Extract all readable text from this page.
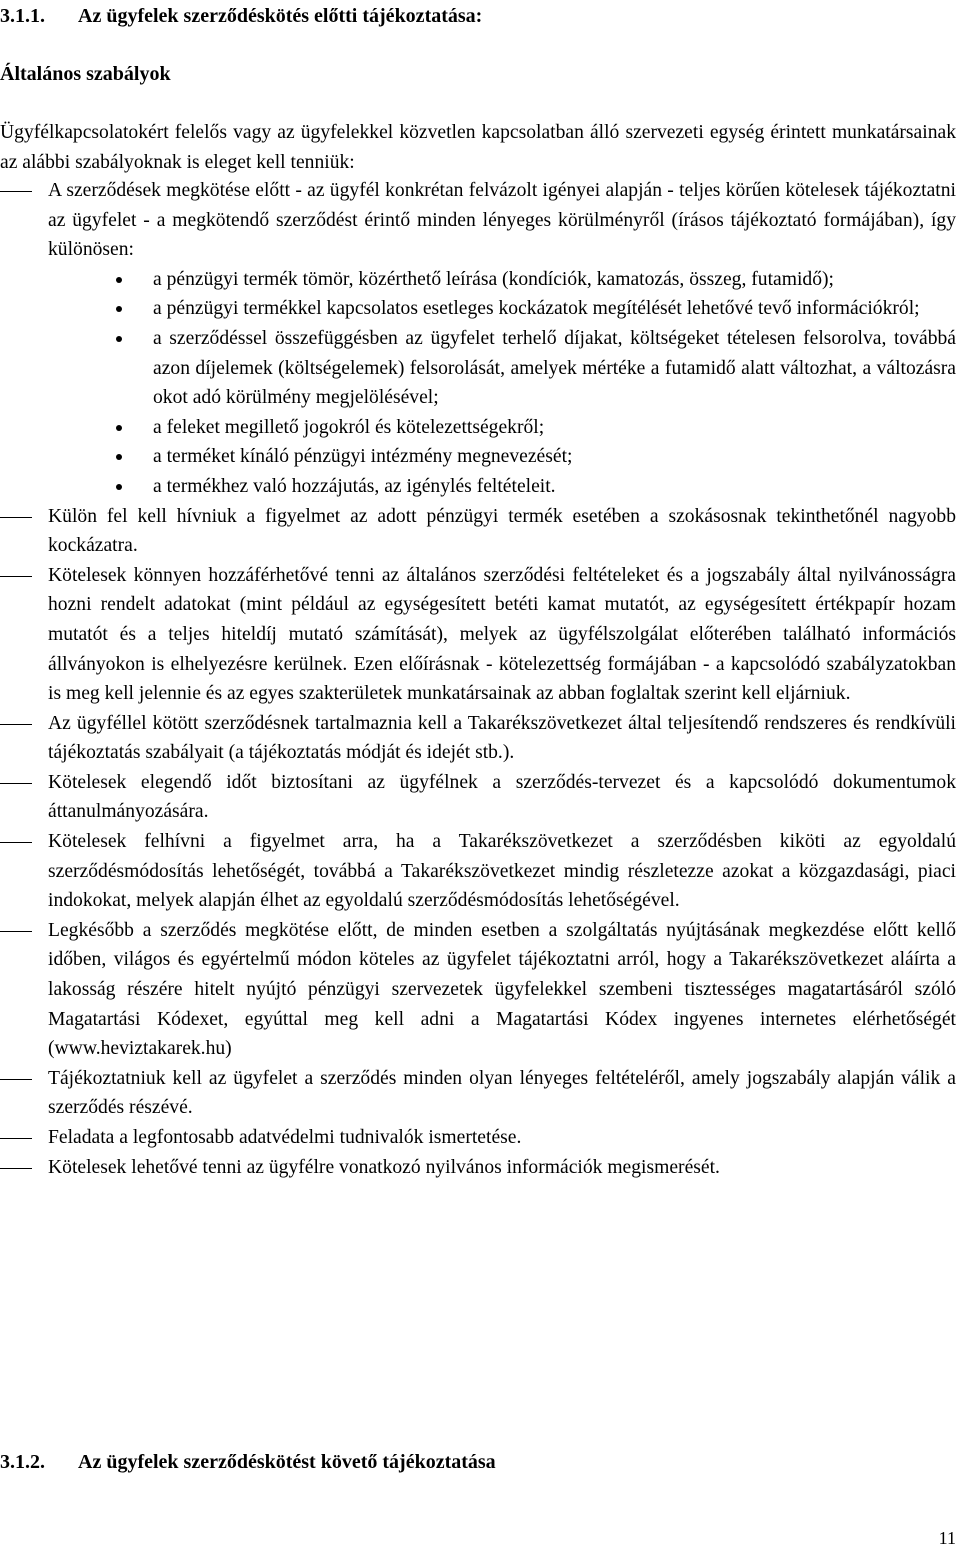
3.1.1. Az ügyfelek szerződéskötés előtti tájékoztatása:
Általános szabályok
Ügyfélkapcsolatokért felelős vagy az ügyfelekkel közvetlen kapcsolatban álló szervezeti egység érintett munkatársainak az alábbi szabályoknak is eleget kell tenniük:
A szerződések megkötése előtt - az ügyfél konkrétan felvázolt igényei alapján - teljes körűen kötelesek tájékoztatni az ügyfelet - a megkötendő szerződést érintő minden lényeges körülményről (írásos tájékoztató formájában), így különösen:
a pénzügyi termék tömör, közérthető leírása (kondíciók, kamatozás, összeg, futamidő);
a pénzügyi termékkel kapcsolatos esetleges kockázatok megítélését lehetővé tevő információkról;
a szerződéssel összefüggésben az ügyfelet terhelő díjakat, költségeket tételesen felsorolva, továbbá azon díjelemek (költségelemek) felsorolását, amelyek mértéke a futamidő alatt változhat, a változásra okot adó körülmény megjelölésével;
a feleket megillető jogokról és kötelezettségekről;
a terméket kínáló pénzügyi intézmény megnevezését;
a termékhez való hozzájutás, az igénylés feltételeit.
Külön fel kell hívniuk a figyelmet az adott pénzügyi termék esetében a szokásosnak tekinthetőnél nagyobb kockázatra.
Kötelesek könnyen hozzáférhetővé tenni az általános szerződési feltételeket és a jogszabály által nyilvánosságra hozni rendelt adatokat (mint például az egységesített betéti kamat mutatót, az egységesített értékpapír hozam mutatót és a teljes hiteldíj mutató számítását), melyek az ügyfélszolgálat előterében található információs állványokon is elhelyezésre kerülnek. Ezen előírásnak - kötelezettség formájában - a kapcsolódó szabályzatokban is meg kell jelennie és az egyes szakterületek munkatársainak az abban foglaltak szerint kell eljárniuk.
Az ügyféllel kötött szerződésnek tartalmaznia kell a Takarékszövetkezet által teljesítendő rendszeres és rendkívüli tájékoztatás szabályait (a tájékoztatás módját és idejét stb.).
Kötelesek elegendő időt biztosítani az ügyfélnek a szerződés-tervezet és a kapcsolódó dokumentumok áttanulmányozására.
Kötelesek felhívni a figyelmet arra, ha a Takarékszövetkezet a szerződésben kiköti az egyoldalú szerződésmódosítás lehetőségét, továbbá a Takarékszövetkezet mindig részletezze azokat a közgazdasági, piaci indokokat, melyek alapján élhet az egyoldalú szerződésmódosítás lehetőségével.
Legkésőbb a szerződés megkötése előtt, de minden esetben a szolgáltatás nyújtásának megkezdése előtt kellő időben, világos és egyértelmű módon köteles az ügyfelet tájékoztatni arról, hogy a Takarékszövetkezet aláírta a lakosság részére hitelt nyújtó pénzügyi szervezetek ügyfelekkel szembeni tisztességes magatartásáról szóló Magatartási Kódexet, egyúttal meg kell adni a Magatartási Kódex ingyenes internetes elérhetőségét (www.heviztakarek.hu)
Tájékoztatniuk kell az ügyfelet a szerződés minden olyan lényeges feltételéről, amely jogszabály alapján válik a szerződés részévé.
Feladata a legfontosabb adatvédelmi tudnivalók ismertetése.
Kötelesek lehetővé tenni az ügyfélre vonatkozó nyilvános információk megismerését.
3.1.2. Az ügyfelek szerződéskötést követő tájékoztatása
11
